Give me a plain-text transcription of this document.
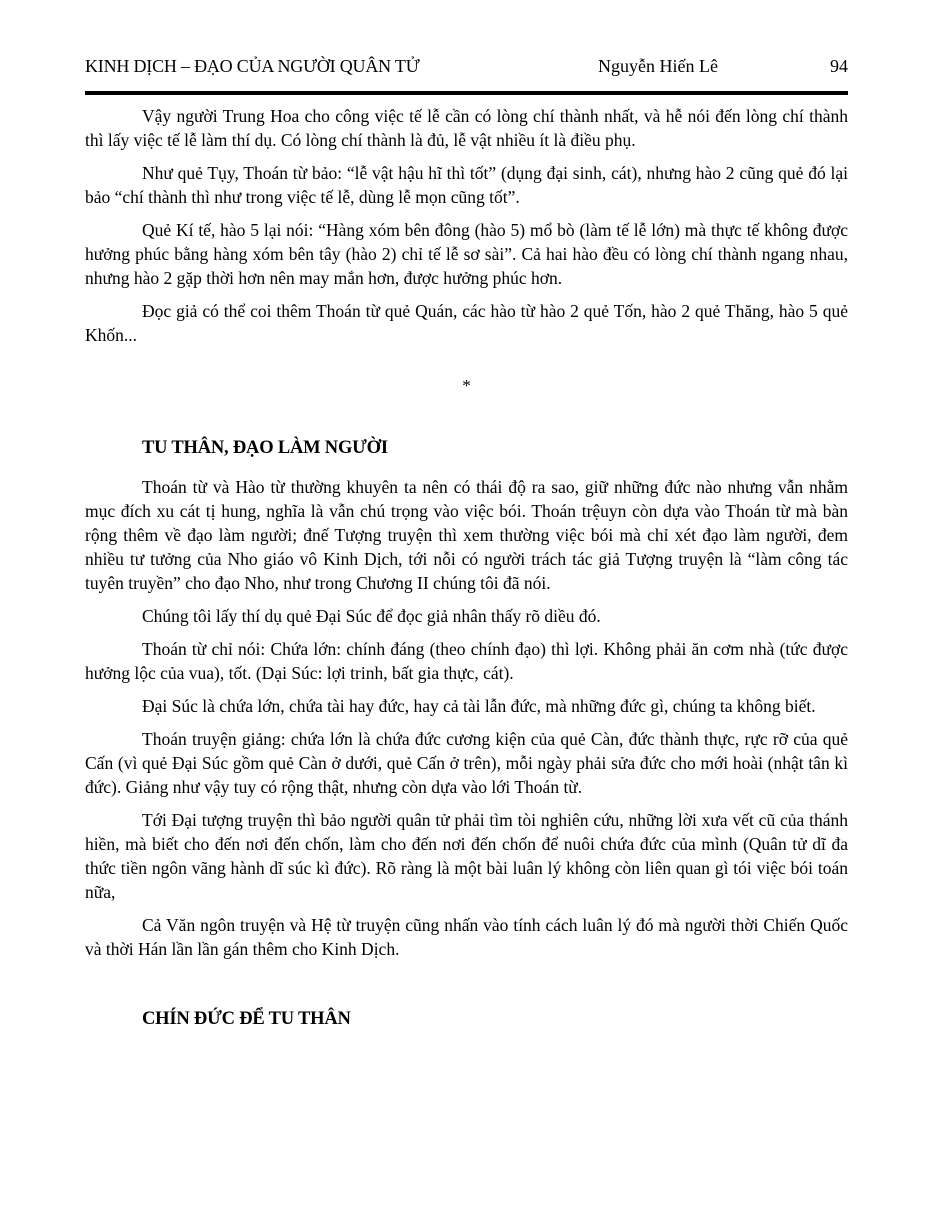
KINH DỊCH – ĐẠO CỦA NGƯỜI QUÂN TỬ	Nguyễn Hiến Lê	94

Vậy người Trung Hoa cho công việc tế lễ cần có lòng chí thành nhất, và hễ nói đến lòng chí thành thì lấy việc tế lễ làm thí dụ. Có lòng chí thành là đủ, lễ vật nhiều ít là điều phụ.

Như quẻ Tụy, Thoán từ bảo: “lễ vật hậu hĩ thì tốt” (dụng đại sinh, cát), nhưng hào 2 cũng quẻ đó lại bảo “chí thành thì như trong việc tế lễ, dùng lễ mọn cũng tốt”.

Quẻ Kí tế, hào 5 lại nói: “Hàng xóm bên đông (hào 5) mổ bò (làm tế lễ lớn) mà thực tế không được hưởng phúc bằng hàng xóm bên tây (hào 2) chỉ tế lễ sơ sài”. Cả hai hào đều có lòng chí thành ngang nhau, nhưng hào 2 gặp thời hơn nên may mắn hơn, được hưởng phúc hơn.

Đọc giả có thể coi thêm Thoán từ quẻ Quán, các hào từ hào 2 quẻ Tốn, hào 2 quẻ Thăng, hào 5 quẻ Khốn...

*

TU THÂN, ĐẠO LÀM NGƯỜI

Thoán từ và Hào từ thường khuyên ta nên có thái độ ra sao, giữ những đức nào nhưng vẫn nhằm mục đích xu cát tị hung, nghĩa là vẫn chú trọng vào việc bói. Thoán trệuyn còn dựa vào Thoán từ mà bàn rộng thêm về đạo làm người; đnế Tượng truyện thì xem thường việc bói mà chỉ xét đạo làm người, đem nhiều tư tưởng của Nho giáo vô Kinh Dịch, tới nỗi có người trách tác giả Tượng truyện là “làm công tác tuyên truyền” cho đạo Nho, như trong Chương II chúng tôi đã nói.

Chúng tôi lấy thí dụ quẻ Đại Súc để đọc giả nhân thấy rõ diều đó.

Thoán từ chỉ nói: Chứa lớn: chính đáng (theo chính đạo) thì lợi. Không phải ăn cơm nhà (tức được hưởng lộc của vua), tốt. (Dại Súc: lợi trinh, bất gia thực, cát).

Đại Súc là chứa lớn, chứa tài hay đức, hay cả tài lẫn đức, mà những đức gì, chúng ta không biết.

Thoán truyện giảng: chứa lớn là chứa đức cương kiện của quẻ Càn, đức thành thực, rực rỡ của quẻ Cấn (vì quẻ Đại Súc gồm quẻ Càn ở dưới, quẻ Cấn ở trên), mỗi ngày phải sửa đức cho mới hoài (nhật tân kì đức). Giảng như vậy tuy có rộng thật, nhưng còn dựa vào lới Thoán từ.

Tới Đại tượng truyện thì bảo người quân tử phải tìm tòi nghiên cứu, những lời xưa vết cũ của thánh hiền, mà biết cho đến nơi đến chốn, làm cho đến nơi đến chốn để nuôi chứa đức của mình (Quân tử dĩ đa thức tiền ngôn vãng hành dĩ súc kì đức). Rõ ràng là một bài luân lý không còn liên quan gì tói việc bói toán nữa,

Cả Văn ngôn truyện và Hệ từ truyện cũng nhấn vào tính cách luân lý đó mà người thời Chiến Quốc và thời Hán lần lần gán thêm cho Kinh Dịch.

CHÍN ĐỨC ĐỂ TU THÂN
